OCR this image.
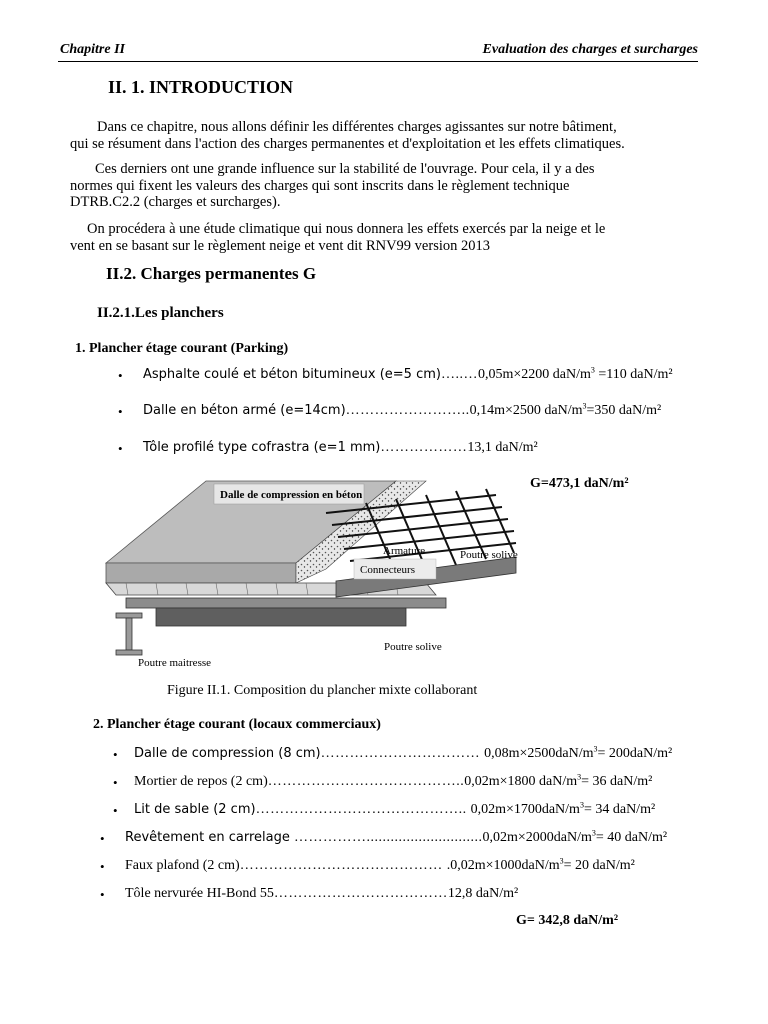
Chapitre II	Evaluation des charges et surcharges
II. 1. INTRODUCTION
Dans ce chapitre, nous allons définir les différentes charges agissantes sur notre bâtiment,
qui se résument dans l'action des charges permanentes et d'exploitation et les effets climatiques.
Ces derniers ont une grande influence sur la stabilité de l'ouvrage. Pour cela, il y a des
normes qui fixent les valeurs des charges qui sont inscrits dans le règlement technique
DTRB.C2.2 (charges et surcharges).
On procédera à une étude climatique qui nous donnera les effets exercés par la neige et le
vent en se basant sur le règlement neige et vent dit RNV99 version 2013
II.2. Charges permanentes G
II.2.1.Les planchers
1. Plancher étage courant (Parking)
• Asphalte coulé et béton bitumineux (e=5 cm)…..…0,05m×2200 daN/$m^3 =110$ daN/m²
• Dalle en béton armé (e=14cm)……………………..0,14m×2500 daN/$m^3=350$ daN/m²
• Tôle profilé type cofrastra (e=1 mm)………………13,1 daN/m²
G=473,1 daN/m²
Dalle de compression en béton
Armature
Connecteurs
Poutre solive
Poutre solive
Poutre maitresse
Figure II.1. Composition du plancher mixte collaborant
2. Plancher étage courant (locaux commerciaux)
• Dalle de compression (8 cm)…………………………… $0,08m\times 2500daN/m^3= 200daN/m^2$
• Mortier de repos (2 cm)…………………………………..0,02m×1800 daN/$m^3= 36$ daN/m²
• Lit de sable (2 cm)…………………………………….. $0,02m\times 1700daN/m^3= 34$ daN/m²
• Revêtement en carrelage $\dots\dots\dots\dots\dots.............................0,02m\times 2000daN/m^3= 40$ daN/m²
• Faux plafond (2 cm)…………………………………… $.0,02m\times 1000daN/m^3= 20$ daN/m²
• Tôle nervurée HI-Bond 55………………………………12,8 daN/m²
G= 342,8 daN/m²
